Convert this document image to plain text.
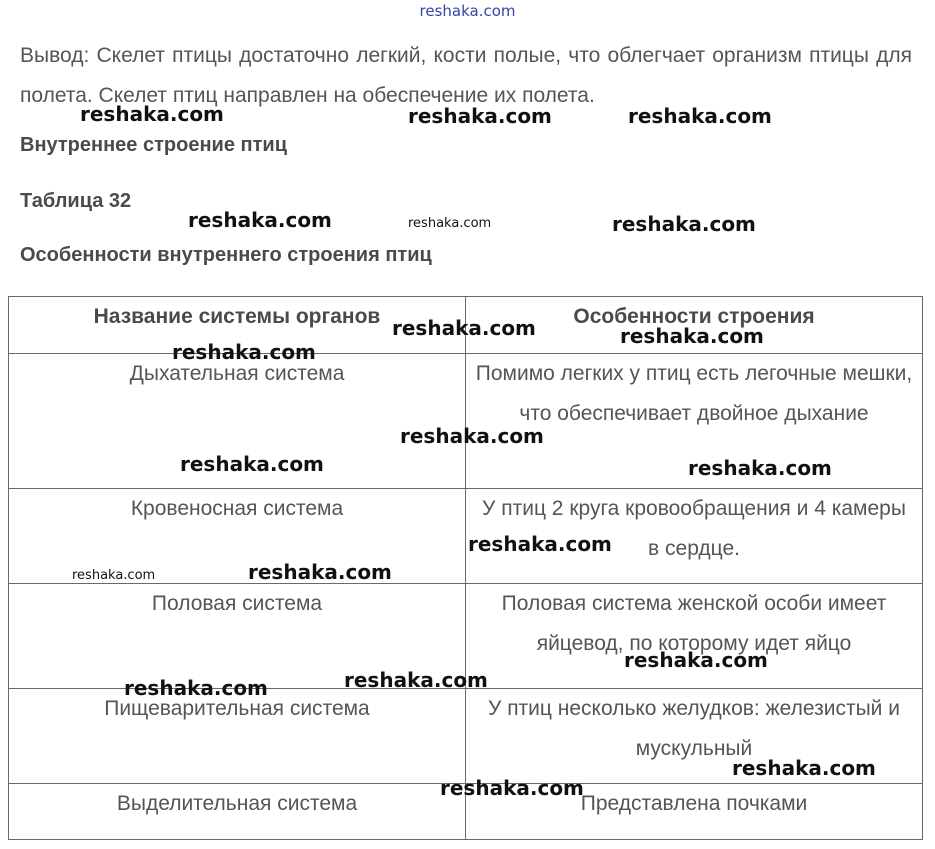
reshaka.com

Вывод: Скелет птицы достаточно легкий, кости полые, что облегчает организм птицы для полета. Скелет птиц направлен на обеспечение их полета.

Внутреннее строение птиц

Таблица 32

Особенности внутреннего строения птиц

Название системы органов	Особенности строения
Дыхательная система	Помимо легких у птиц есть легочные мешки, что обеспечивает двойное дыхание
Кровеносная система	У птиц 2 круга кровообращения и 4 камеры в сердце.
Половая система	Половая система женской особи имеет яйцевод, по которому идет яйцо
Пищеварительная система	У птиц несколько желудков: железистый и мускульный
Выделительная система	Представлена почками
reshaka.com	reshaka.com	reshaka.com
reshaka.com	reshaka.com	reshaka.com
reshaka.com	reshaka.com
reshaka.com
reshaka.com
reshaka.com	reshaka.com
reshaka.com
reshaka.com	reshaka.com
reshaka.com
reshaka.com
reshaka.com
reshaka.com
reshaka.com
